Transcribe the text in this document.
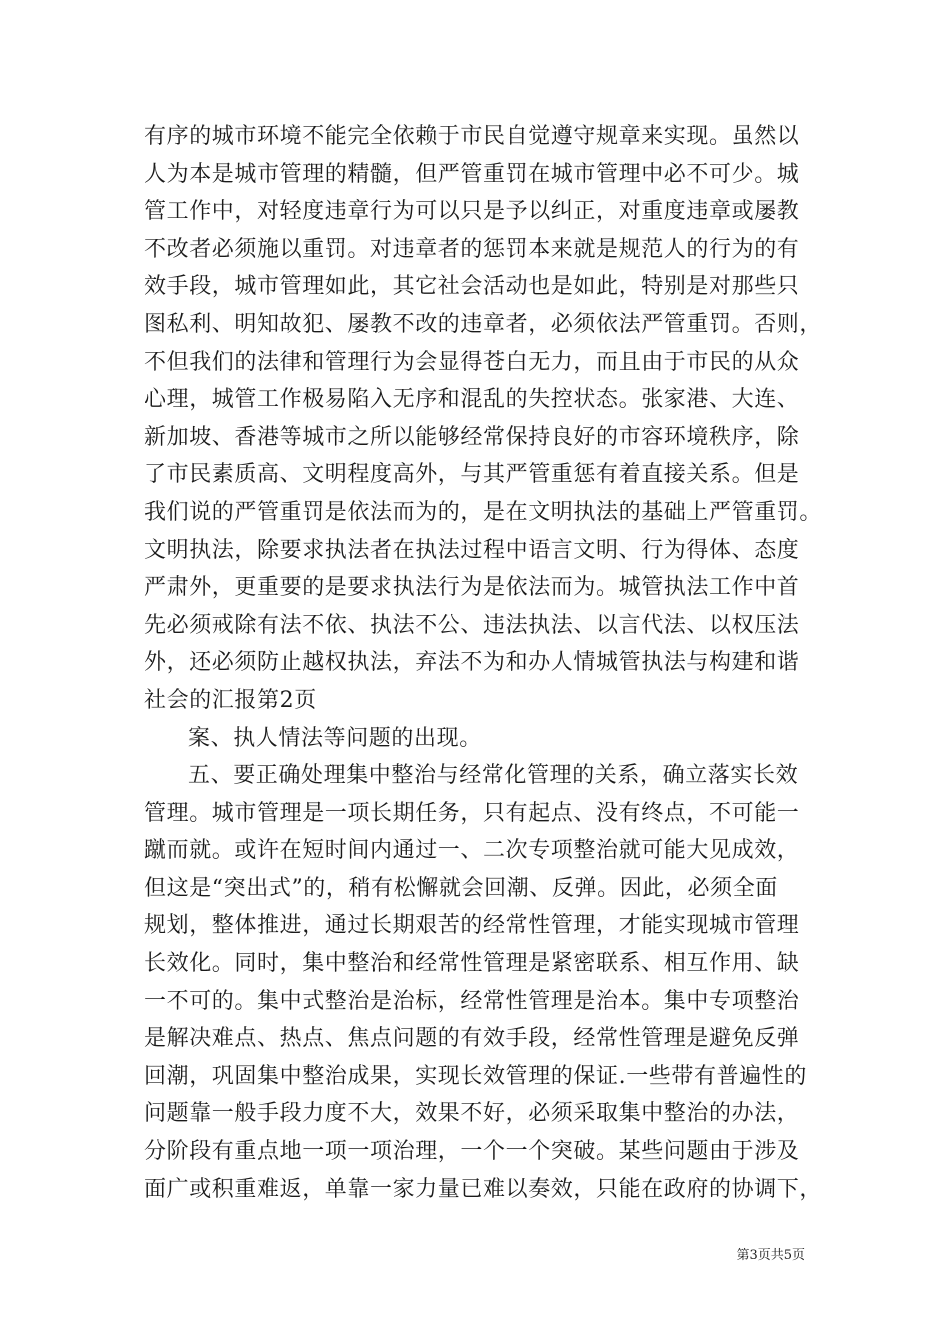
有序的城市环境不能完全依赖于市民自觉遵守规章来实现。虽然以
人为本是城市管理的精髓，但严管重罚在城市管理中必不可少。城
管工作中，对轻度违章行为可以只是予以纠正，对重度违章或屡教
不改者必须施以重罚。对违章者的惩罚本来就是规范人的行为的有
效手段，城市管理如此，其它社会活动也是如此，特别是对那些只
图私利、明知故犯、屡教不改的违章者，必须依法严管重罚。否则，
不但我们的法律和管理行为会显得苍白无力，而且由于市民的从众
心理，城管工作极易陷入无序和混乱的失控状态。张家港、大连、
新加坡、香港等城市之所以能够经常保持良好的市容环境秩序，除
了市民素质高、文明程度高外，与其严管重惩有着直接关系。但是
我们说的严管重罚是依法而为的，是在文明执法的基础上严管重罚。
文明执法，除要求执法者在执法过程中语言文明、行为得体、态度
严肃外，更重要的是要求执法行为是依法而为。城管执法工作中首
先必须戒除有法不依、执法不公、违法执法、以言代法、以权压法
外，还必须防止越权执法，弃法不为和办人情城管执法与构建和谐
社会的汇报第2页
案、执人情法等问题的出现。
五、要正确处理集中整治与经常化管理的关系，确立落实长效
管理。城市管理是一项长期任务，只有起点、没有终点，不可能一
蹴而就。或许在短时间内通过一、二次专项整治就可能大见成效，
但这是“突出式”的，稍有松懈就会回潮、反弹。因此，必须全面
规划，整体推进，通过长期艰苦的经常性管理，才能实现城市管理
长效化。同时，集中整治和经常性管理是紧密联系、相互作用、缺
一不可的。集中式整治是治标，经常性管理是治本。集中专项整治
是解决难点、热点、焦点问题的有效手段，经常性管理是避免反弹
回潮，巩固集中整治成果，实现长效管理的保证.一些带有普遍性的
问题靠一般手段力度不大，效果不好，必须采取集中整治的办法，
分阶段有重点地一项一项治理，一个一个突破。某些问题由于涉及
面广或积重难返，单靠一家力量已难以奏效，只能在政府的协调下，
第3页共5页
